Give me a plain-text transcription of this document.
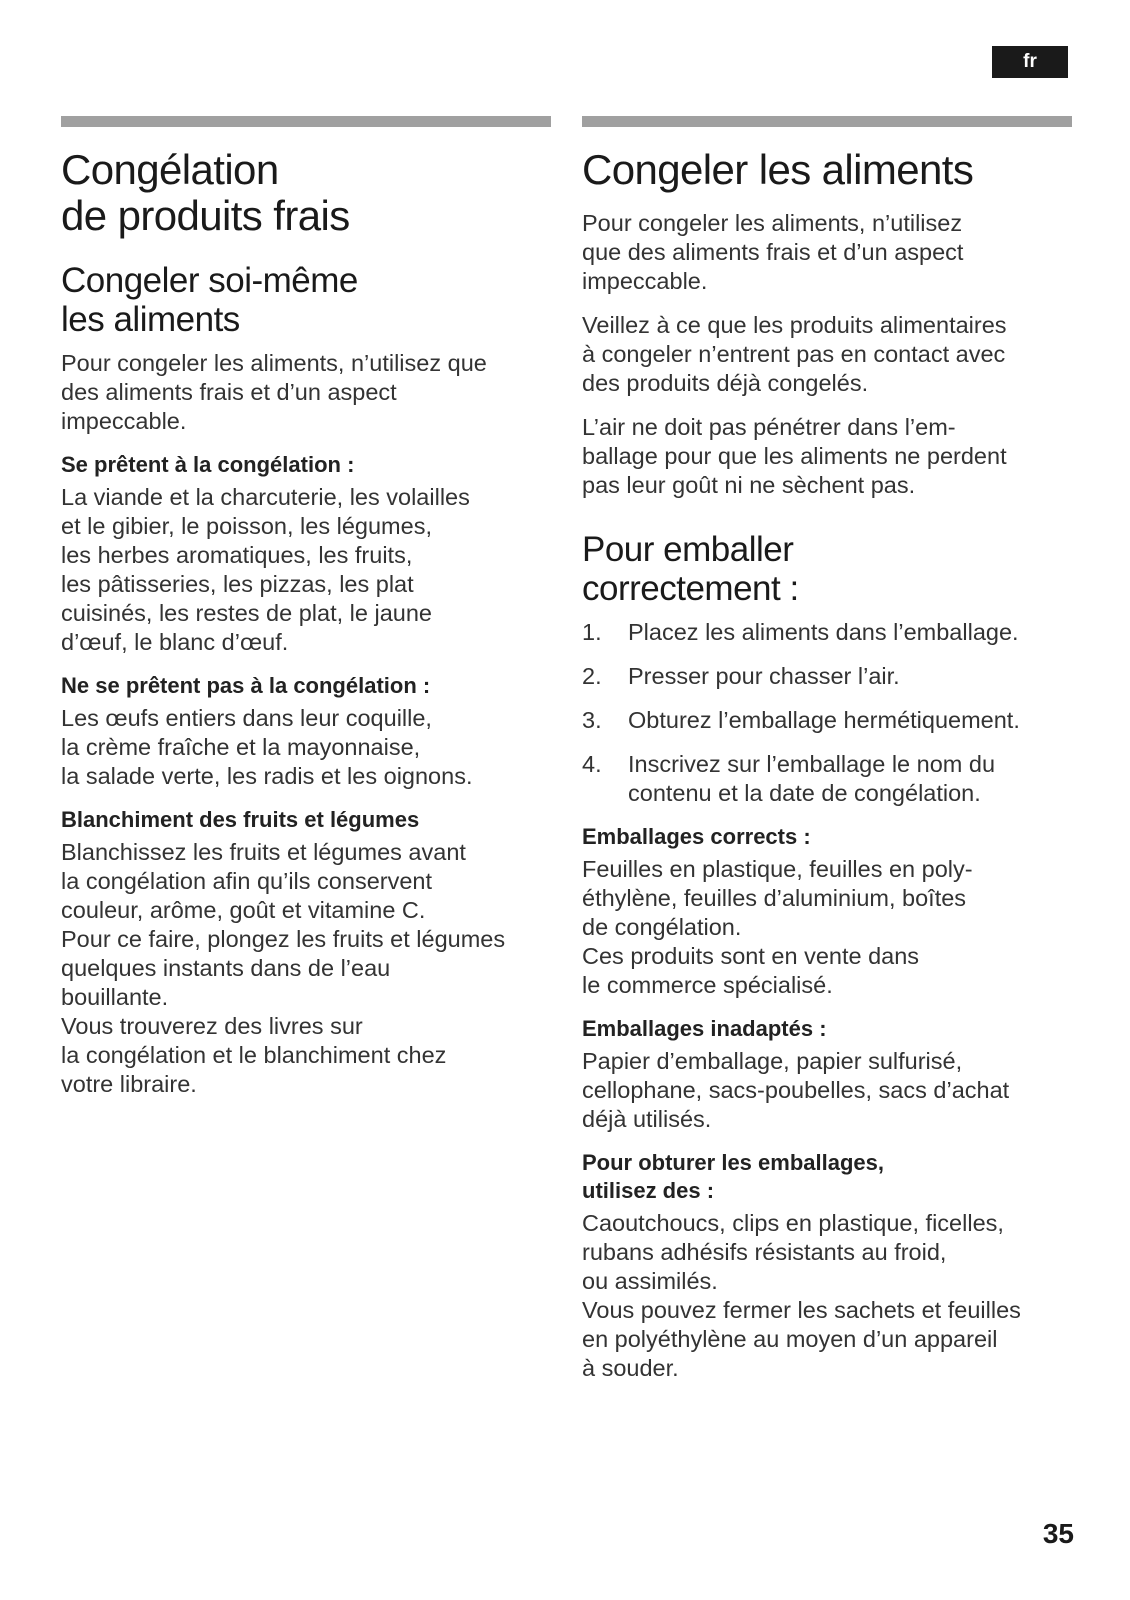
fr
Congélation
de produits frais
Congeler soi-même
les aliments

Pour congeler les aliments, n’utilisez que
des aliments frais et d’un aspect
impeccable.

Se prêtent à la congélation :

La viande et la charcuterie, les volailles
et le gibier, le poisson, les légumes,
les herbes aromatiques, les fruits,
les pâtisseries, les pizzas, les plat
cuisinés, les restes de plat, le jaune
d’œuf, le blanc d’œuf.

Ne se prêtent pas à la congélation :

Les œufs entiers dans leur coquille,
la crème fraîche et la mayonnaise,
la salade verte, les radis et les oignons.

Blanchiment des fruits et légumes

Blanchissez les fruits et légumes avant
la congélation afin qu’ils conservent
couleur, arôme, goût et vitamine C.
Pour ce faire, plongez les fruits et légumes
quelques instants dans de l’eau
bouillante.
Vous trouverez des livres sur
la congélation et le blanchiment chez
votre libraire.

Congeler les aliments

Pour congeler les aliments, n’utilisez
que des aliments frais et d’un aspect
impeccable.

Veillez à ce que les produits alimentaires
à congeler n’entrent pas en contact avec
des produits déjà congelés.

L’air ne doit pas pénétrer dans l’em-
ballage pour que les aliments ne perdent
pas leur goût ni ne sèchent pas.

Pour emballer
correctement :
1.	Placez les aliments dans l’emballage.
2.	Presser pour chasser l’air.
3.	Obturez l’emballage hermétiquement.
4.	Inscrivez sur l’emballage le nom du
contenu et la date de congélation.
Emballages corrects :

Feuilles en plastique, feuilles en poly-
éthylène, feuilles d’aluminium, boîtes
de congélation.
Ces produits sont en vente dans
le commerce spécialisé.

Emballages inadaptés :

Papier d’emballage, papier sulfurisé,
cellophane, sacs-poubelles, sacs d’achat
déjà utilisés.

Pour obturer les emballages,
utilisez des :

Caoutchoucs, clips en plastique, ficelles,
rubans adhésifs résistants au froid,
ou assimilés.
Vous pouvez fermer les sachets et feuilles
en polyéthylène au moyen d’un appareil
à souder.

35
